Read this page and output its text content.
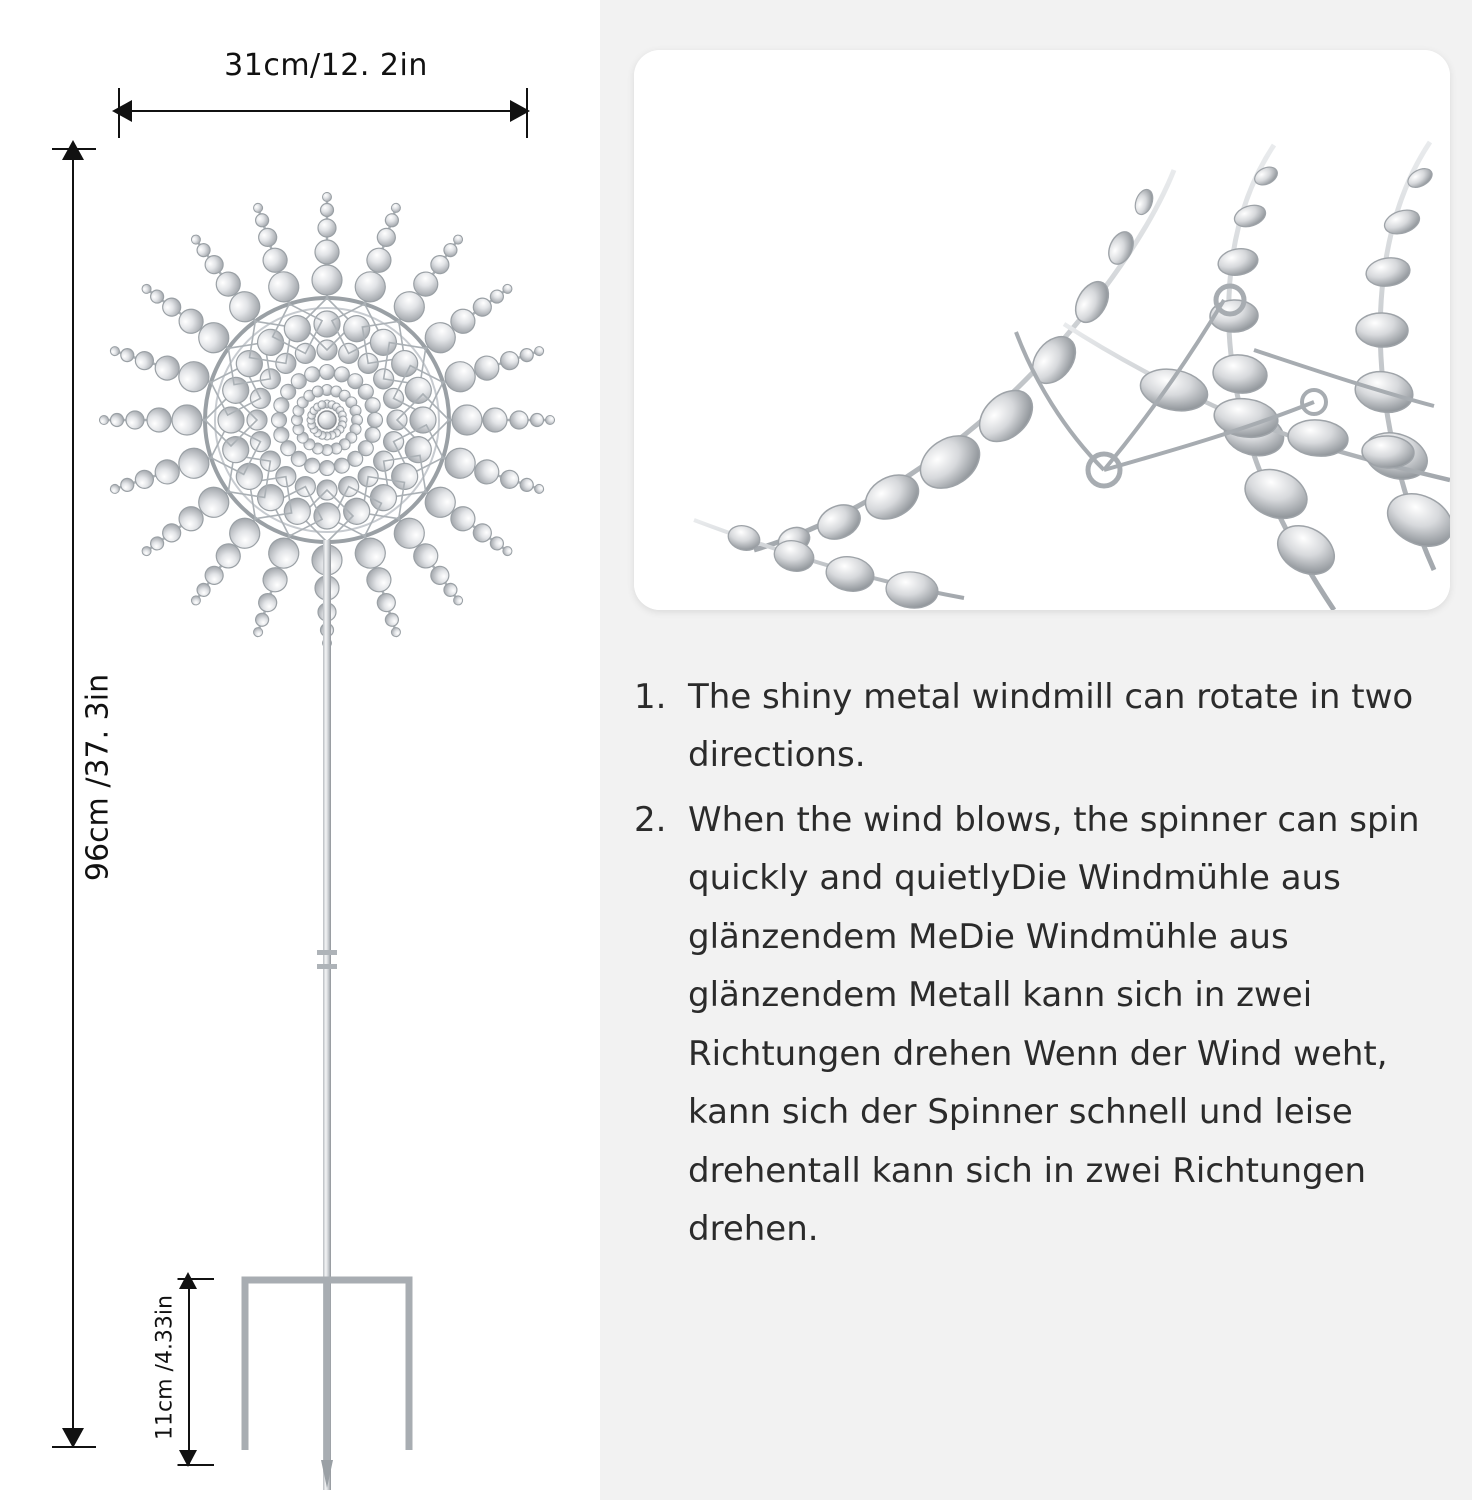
31cm/12. 2in
96cm /37. 3in
11cm /4.33in
1. The shiny metal windmill can rotate in two directions.
2. When the wind blows, the spinner can spin quickly and quietlyDie Windmühle aus glänzendem MeDie Windmühle aus glänzendem Metall kann sich in zwei Richtungen drehen Wenn der Wind weht, kann sich der Spinner schnell und leise drehentall kann sich in zwei Richtungen drehen.
